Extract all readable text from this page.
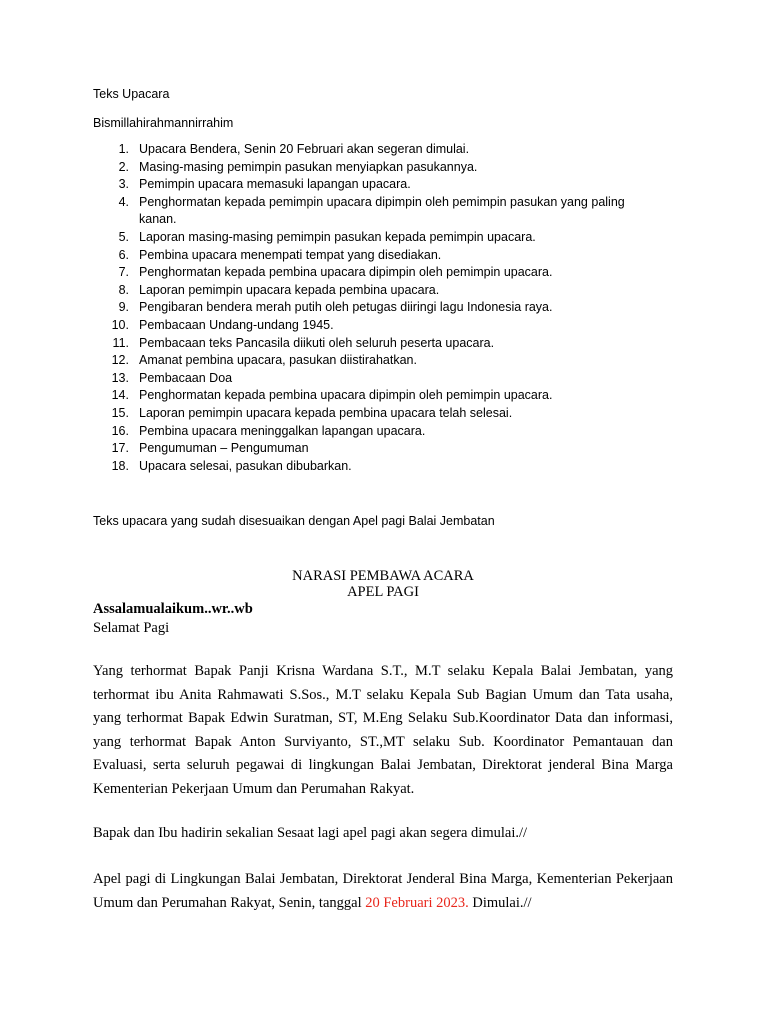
Teks Upacara
Bismillahirahmannirrahim
1. Upacara Bendera, Senin 20 Februari akan segeran dimulai.
2. Masing-masing pemimpin pasukan menyiapkan pasukannya.
3. Pemimpin upacara memasuki lapangan upacara.
4. Penghormatan kepada pemimpin upacara dipimpin oleh pemimpin pasukan yang paling kanan.
5. Laporan masing-masing pemimpin pasukan kepada pemimpin upacara.
6. Pembina upacara menempati tempat yang disediakan.
7. Penghormatan kepada pembina upacara dipimpin oleh pemimpin upacara.
8. Laporan pemimpin upacara kepada pembina upacara.
9. Pengibaran bendera merah putih oleh petugas diiringi lagu Indonesia raya.
10. Pembacaan Undang-undang 1945.
11. Pembacaan teks Pancasila diikuti oleh seluruh peserta upacara.
12. Amanat pembina upacara, pasukan diistirahatkan.
13. Pembacaan Doa
14. Penghormatan kepada pembina upacara dipimpin oleh pemimpin upacara.
15. Laporan pemimpin upacara kepada pembina upacara telah selesai.
16. Pembina upacara meninggalkan lapangan upacara.
17. Pengumuman – Pengumuman
18. Upacara selesai, pasukan dibubarkan.
Teks upacara yang sudah disesuaikan dengan Apel pagi Balai Jembatan
NARASI PEMBAWA ACARA
APEL PAGI
Assalamualaikum..wr..wb
Selamat Pagi

Yang terhormat Bapak Panji Krisna Wardana S.T., M.T selaku Kepala Balai Jembatan, yang terhormat ibu Anita Rahmawati S.Sos., M.T selaku Kepala Sub Bagian Umum dan Tata usaha, yang terhormat Bapak Edwin Suratman, ST, M.Eng Selaku Sub.Koordinator Data dan informasi, yang terhormat Bapak Anton Surviyanto, ST.,MT selaku Sub. Koordinator Pemantauan dan Evaluasi, serta seluruh pegawai di lingkungan Balai Jembatan, Direktorat jenderal Bina Marga Kementerian Pekerjaan Umum dan Perumahan Rakyat.

Bapak dan Ibu hadirin sekalian Sesaat lagi apel pagi akan segera dimulai.//

Apel pagi di Lingkungan Balai Jembatan, Direktorat Jenderal Bina Marga, Kementerian Pekerjaan Umum dan Perumahan Rakyat, Senin, tanggal 20 Februari 2023. Dimulai.//
